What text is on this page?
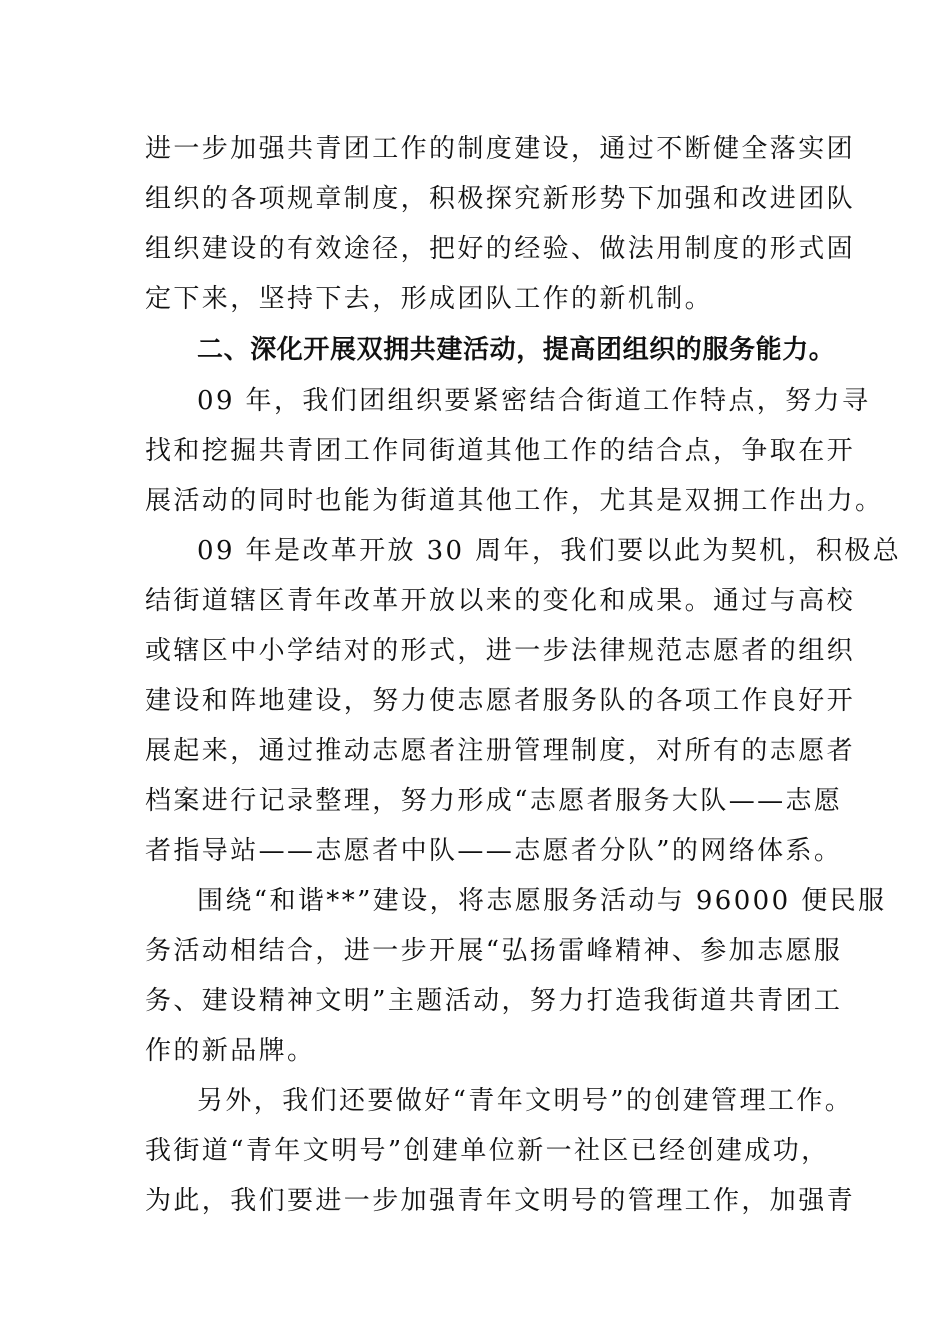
进一步加强共青团工作的制度建设，通过不断健全落实团
组织的各项规章制度，积极探究新形势下加强和改进团队
组织建设的有效途径，把好的经验、做法用制度的形式固
定下来，坚持下去，形成团队工作的新机制。
二、深化开展双拥共建活动，提高团组织的服务能力。
09 年，我们团组织要紧密结合街道工作特点，努力寻
找和挖掘共青团工作同街道其他工作的结合点，争取在开
展活动的同时也能为街道其他工作，尤其是双拥工作出力。
09 年是改革开放 30 周年，我们要以此为契机，积极总
结街道辖区青年改革开放以来的变化和成果。通过与高校
或辖区中小学结对的形式，进一步法律规范志愿者的组织
建设和阵地建设，努力使志愿者服务队的各项工作良好开
展起来，通过推动志愿者注册管理制度，对所有的志愿者
档案进行记录整理，努力形成“志愿者服务大队——志愿
者指导站——志愿者中队——志愿者分队”的网络体系。
围绕“和谐**”建设，将志愿服务活动与 96000 便民服
务活动相结合，进一步开展“弘扬雷峰精神、参加志愿服
务、建设精神文明”主题活动，努力打造我街道共青团工
作的新品牌。
另外，我们还要做好“青年文明号”的创建管理工作。
我街道“青年文明号”创建单位新一社区已经创建成功，
为此，我们要进一步加强青年文明号的管理工作，加强青
